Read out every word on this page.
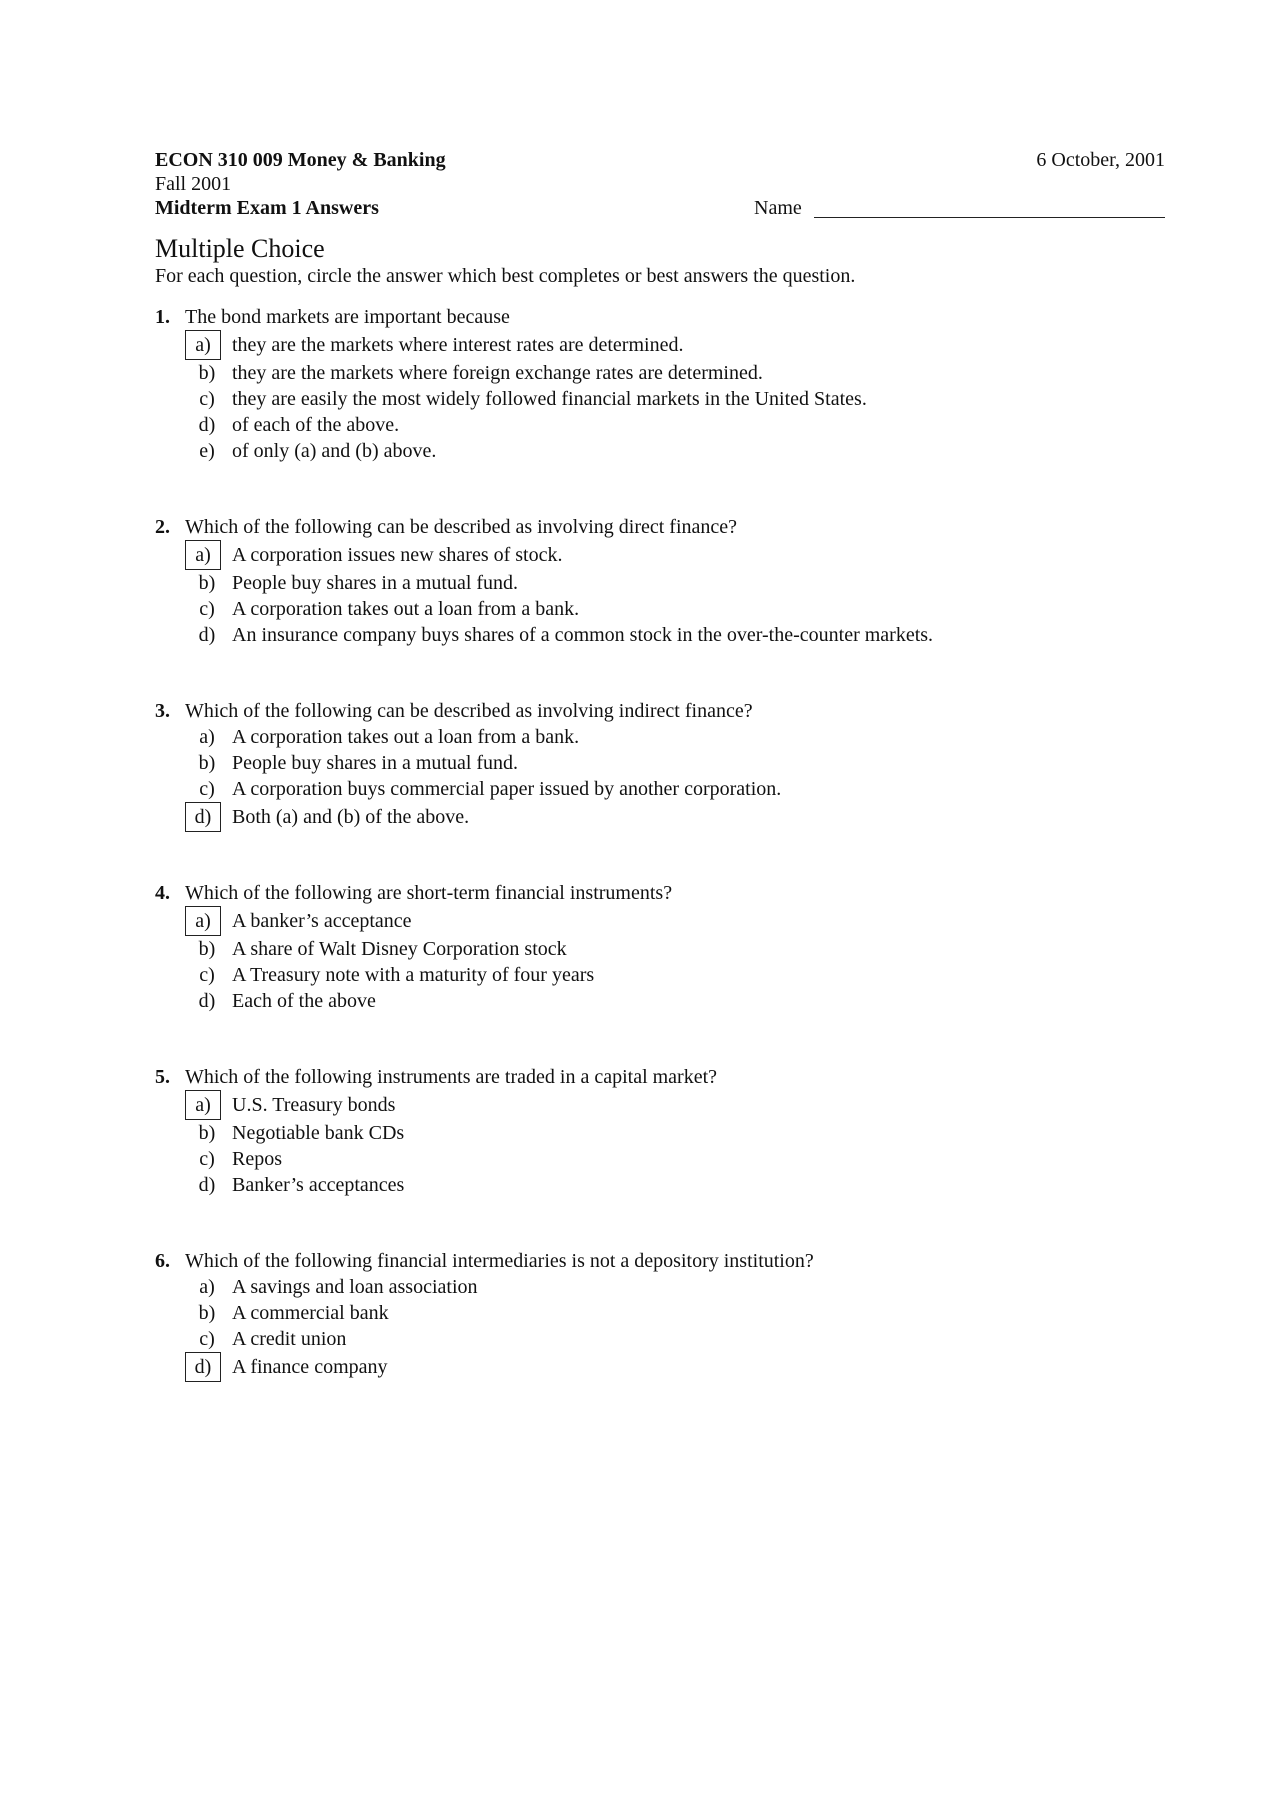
ECON 310 009 Money & Banking	6 October, 2001
Fall 2001
Midterm Exam 1 Answers	Name
Multiple Choice
For each question, circle the answer which best completes or best answers the question.
1. The bond markets are important because
a)	they are the markets where interest rates are determined.
b) they are the markets where foreign exchange rates are determined.
c) they are easily the most widely followed financial markets in the United States.
d) of each of the above.
e) of only (a) and (b) above.
2. Which of the following can be described as involving direct finance?
a)	A corporation issues new shares of stock.
b) People buy shares in a mutual fund.
c) A corporation takes out a loan from a bank.
d) An insurance company buys shares of a common stock in the over-the-counter markets.
3. Which of the following can be described as involving indirect finance?
a) A corporation takes out a loan from a bank.
b) People buy shares in a mutual fund.
c) A corporation buys commercial paper issued by another corporation.
d)	Both (a) and (b) of the above.
4. Which of the following are short-term financial instruments?
a)	A banker’s acceptance
b) A share of Walt Disney Corporation stock
c) A Treasury note with a maturity of four years
d) Each of the above
5. Which of the following instruments are traded in a capital market?
a)	U.S. Treasury bonds
b) Negotiable bank CDs
c) Repos
d) Banker’s acceptances
6. Which of the following financial intermediaries is not a depository institution?
a) A savings and loan association
b) A commercial bank
c) A credit union
d)	A finance company
